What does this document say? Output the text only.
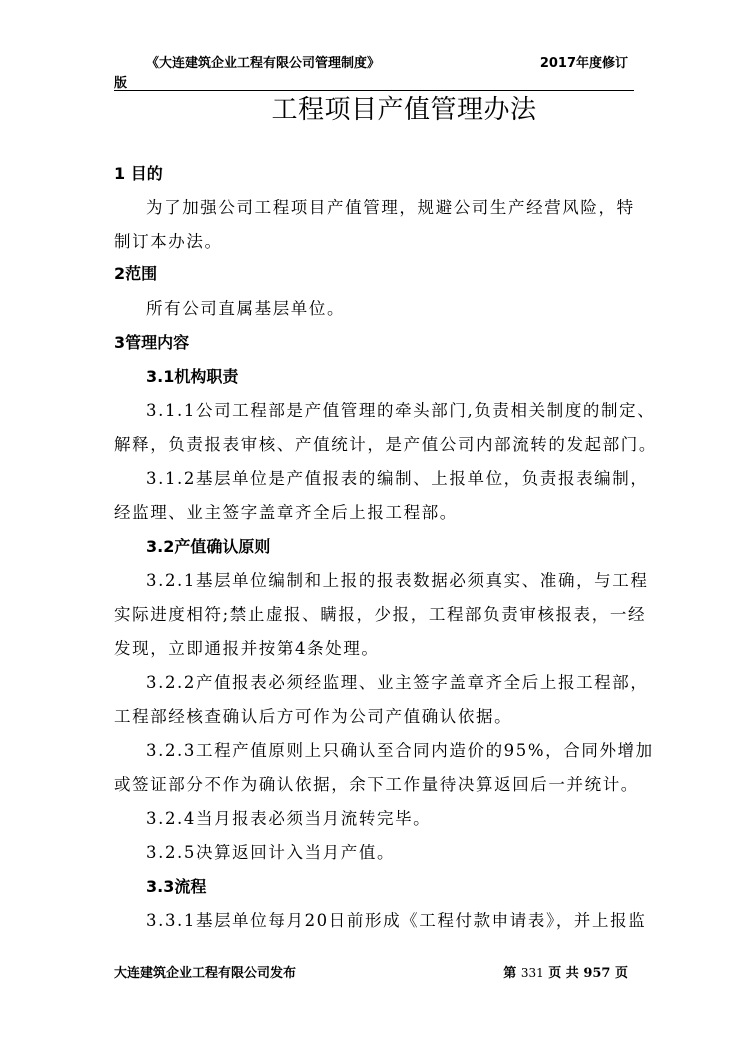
《大连建筑企业工程有限公司管理制度》	2017年度修订
版
工程项目产值管理办法
1 目的
为了加强公司工程项目产值管理，规避公司生产经营风险，特
制订本办法。
2范围
所有公司直属基层单位。
3管理内容
3.1机构职责
3.1.1公司工程部是产值管理的牵头部门,负责相关制度的制定、
解释，负责报表审核、产值统计，是产值公司内部流转的发起部门。
3.1.2基层单位是产值报表的编制、上报单位，负责报表编制，
经监理、业主签字盖章齐全后上报工程部。
3.2产值确认原则
3.2.1基层单位编制和上报的报表数据必须真实、准确，与工程
实际进度相符;禁止虚报、瞒报，少报，工程部负责审核报表，一经
发现，立即通报并按第4条处理。
3.2.2产值报表必须经监理、业主签字盖章齐全后上报工程部，
工程部经核查确认后方可作为公司产值确认依据。
3.2.3工程产值原则上只确认至合同内造价的95%，合同外增加
或签证部分不作为确认依据，余下工作量待决算返回后一并统计。
3.2.4当月报表必须当月流转完毕。
3.2.5决算返回计入当月产值。
3.3流程
3.3.1基层单位每月20日前形成《工程付款申请表》，并上报监
大连建筑企业工程有限公司发布	第 331 页 共 957 页
